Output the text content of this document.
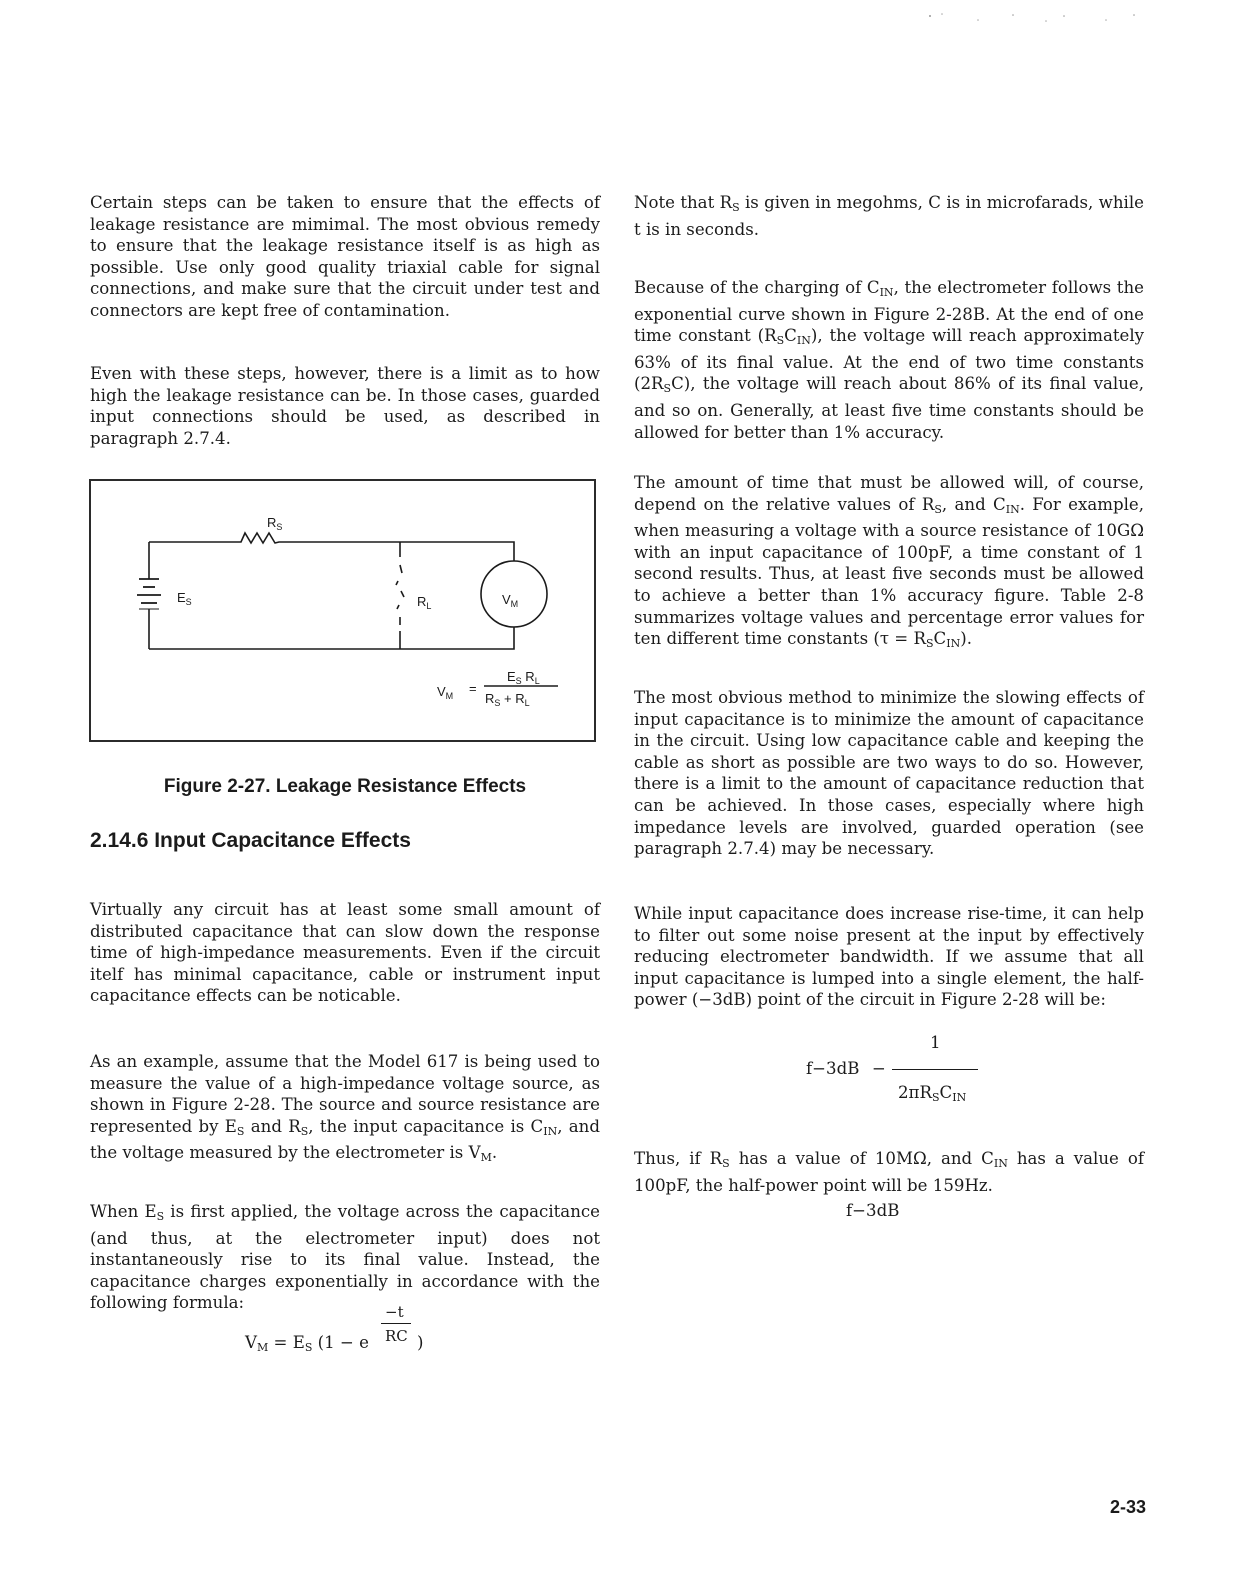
Certain steps can be taken to ensure that the effects of leakage resistance are mimimal. The most obvious remedy to ensure that the leakage resistance itself is as high as possible. Use only good quality triaxial cable for signal connections, and make sure that the circuit under test and connectors are kept free of contamination.

Even with these steps, however, there is a limit as to how high the leakage resistance can be. In those cases, guarded input connections should be used, as described in paragraph 2.7.4.

Virtually any circuit has at least some small amount of distributed capacitance that can slow down the response time of high-impedance measurements. Even if the circuit itelf has minimal capacitance, cable or instrument input capacitance effects can be noticable.

As an example, assume that the Model 617 is being used to measure the value of a high-impedance voltage source, as shown in Figure 2-28. The source and source resistance are represented by $E_S$ and $R_S$, the input capacitance is $C_{IN}$, and the voltage measured by the electrometer is $V_M$.

When $E_S$ is first applied, the voltage across the capacitance (and thus, at the electrometer input) does not instantaneously rise to its final value. Instead, the capacitance charges exponentially in accordance with the following formula:

$R_S$
$E_S$	$R_L$	$V_M$
$V_M$ =
$E_S$ $R_L$
$R_S + R_L$

Figure 2-27. Leakage Resistance Effects

2.14.6 Input Capacitance Effects
−t
$V_M = E_S$ (1 − e RC )

Note that $R_S$ is given in megohms, C is in microfarads, while t is in seconds.

Because of the charging of $C_{IN}$, the electrometer follows the exponential curve shown in Figure 2-28B. At the end of one time constant $(R_SC_{IN})$, the voltage will reach approximately 63% of its final value. At the end of two time constants $(2R_SC)$, the voltage will reach about 86% of its final value, and so on. Generally, at least five time constants should be allowed for better than 1% accuracy.

The amount of time that must be allowed will, of course, depend on the relative values of $R_S$, and $C_{IN}$. For example, when measuring a voltage with a source resistance of 10GΩ with an input capacitance of 100pF, a time constant of 1 second results. Thus, at least five seconds must be allowed to achieve a better than 1% accuracy figure. Table 2-8 summarizes voltage values and percentage error values for ten different time constants $(\tau = R_SC_{IN})$.

The most obvious method to minimize the slowing effects of input capacitance is to minimize the amount of capacitance in the circuit. Using low capacitance cable and keeping the cable as short as possible are two ways to do so. However, there is a limit to the amount of capacitance reduction that can be achieved. In those cases, especially where high impedance levels are involved, guarded operation (see paragraph 2.7.4) may be necessary.

While input capacitance does increase rise-time, it can help to filter out some noise present at the input by effectively reducing electrometer bandwidth. If we assume that all input capacitance is lumped into a single element, the half-power (−3dB) point of the circuit in Figure 2-28 will be:

1
f−3dB −
$2\pi R_SC_{IN}$

Thus, if $R_S$ has a value of 10MΩ, and $C_{IN}$ has a value of 100pF, the half-power point will be 159Hz.

f−3dB

2-33
